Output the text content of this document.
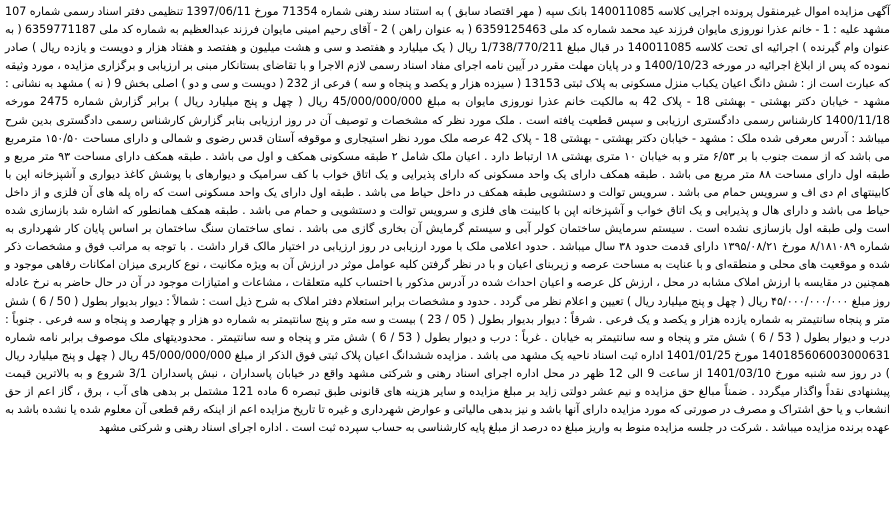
آگهی مزایده اموال غیرمنقول پرونده اجرایی کلاسه 140011085 بانک سپه ( مهر اقتصاد سابق ) به استناد سند رهنی شماره 71354 مورخ 1397/06/11 تنظیمی دفتر اسناد رسمی شماره 107 مشهد علیه : 1 - خانم عذرا نوروزی مایوان فرزند عید محمد شماره کد ملی 6359125463 ( به عنوان راهن ) 2 - آقای رحیم امینی مایوان فرزند عبدالعظیم به شماره کد ملی 6359771187 ( به عنوان وام گیرنده ) اجرائیه ای تحت کلاسه 140011085 در قبال مبلغ 1/738/770/211 ریال ( یک میلیارد و هفتصد و سی و هشت میلیون و هفتصد و هفتاد هزار و دویست و یازده ریال ) صادر نموده که پس از ابلاغ اجرائیه در مورخه 1400/10/23 و در پایان مهلت مقرر در آیین نامه اجرای مفاد اسناد رسمی لازم الاجرا و با تقاضای بستانکار مبنی بر ارزیابی و برگزاری مزایده ، مورد وثیقه که عبارت است از : شش دانگ اعیان یکباب منزل مسکونی به پلاک ثبتی 13153 ( سیزده هزار و یکصد و پنجاه و سه ) فرعی از 232 ( دویست و سی و دو ) اصلی بخش 9 ( نه ) مشهد به نشانی : مشهد - خیابان دکتر بهشتی - بهشتی 18 - پلاک 42 به مالکیت خانم عذرا نوروزی مایوان به مبلغ 45/000/000/000 ریال ( چهل و پنج میلیارد ریال ) برابر گزارش شماره 2475 مورخه 1400/11/18 کارشناس رسمی دادگستری ارزیابی و سپس قطعیت یافته است . ملک مورد نظر که مشخصات و توصیف آن در روز ارزیابی بنابر گزارش کارشناس رسمی دادگستری بدین شرح میباشد : آدرس معرفی شده ملک : مشهد - خیابان دکتر بهشتی - بهشتی 18 - پلاک 42 عرصه ملک مورد نظر استیجاری و موقوفه آستان قدس رضوی و شمالی و دارای مساحت ۱۵۰/۵۰ مترمربع می باشد که از سمت جنوب با بر ۶/۵۳ متر و به خیابان ۱۰ متری بهشتی ۱۸ ارتباط دارد . اعیان ملک شامل ۲ طبقه مسکونی همکف و اول می باشد . طبقه همکف دارای مساحت ۹۳ متر مربع و طبقه اول دارای مساحت ۸۸ متر مربع می باشد . طبقه همکف دارای یک واحد مسکونی که دارای پذیرایی و یک اتاق خواب با کف سرامیک و دیوارهای با پوشش کاغذ دیواری و آشپزخانه اپن با کابینتهای ام دی اف و سرویس حمام می باشد . سرویس توالت و دستشویی طبقه همکف در داخل حیاط می باشد . طبقه اول دارای یک واحد مسکونی است که راه پله های آن فلزی و از داخل حیاط می باشد و دارای هال و پذیرایی و یک اتاق خواب و آشپزخانه اپن با کابینت های فلزی و سرویس توالت و دستشویی و حمام می باشد . طبقه همکف همانطور که اشاره شد بازسازی شده است ولی طبقه اول بازسازی نشده است . سیستم سرمایش ساختمان کولر آبی و سیستم گرمایش آن بخاری گازی می باشد . نمای ساختمان سنگ ساختمان بر اساس پایان کار شهرداری به شماره ۸/۱۸۱۰۸۹ مورخ ۱۳۹۵/۰۸/۲۱ دارای قدمت حدود ۳۸ سال میباشد . حدود اعلامی ملک با مورد ارزیابی در روز ارزیابی در اختیار مالک قرار داشت . با توجه به مراتب فوق و مشخصات ذکر شده و موقعیت های محلی و منطقه‌ای و با عنایت به مساحت عرصه و زیربنای اعیان و با در نظر گرفتن کلیه عوامل موثر در ارزش آن به ویژه مکانیت ، نوع کاربری میزان امکانات رفاهی موجود و همچنین در مقایسه با ارزش املاک مشابه در محل ، ارزش کل عرصه و اعیان احداث شده در آدرس مذکور با احتساب کلیه متعلقات ، مشاعات و امتیازات موجود در آن در حال حاضر به نرخ عادله روز مبلغ ۴۵/۰۰۰/۰۰۰/۰۰۰ ریال ( چهل و پنج میلیارد ریال ) تعیین و اعلام نظر می گردد . حدود و مشخصات برابر استعلام دفتر املاک به شرح ذیل است : شمالاً : دیوار بدیوار بطول ( 50 / 6 ) شش متر و پنجاه سانتیمتر به شماره یازده هزار و یکصد و یک فرعی . شرقاً : دیوار بدیوار بطول ( 05 / 23 ) بیست و سه متر و پنج سانتیمتر به شماره دو هزار و چهارصد و پنجاه و سه فرعی . جنوباً : درب و دیوار بطول ( 53 / 6 ) شش متر و پنجاه و سه سانتیمتر به خیابان . غرباً : درب و دیوار بطول ( 53 / 6 ) شش متر و پنجاه و سه سانتیمتر . محدودیتهای ملک موصوف برابر نامه شماره 140185606003000631 مورخ 1401/01/25 اداره ثبت اسناد ناحیه یک مشهد می باشد . مزایده ششدانگ اعیان پلاک ثبتی فوق الذکر از مبلغ 45/000/000/000 ریال ( چهل و پنج میلیارد ریال ) در روز سه شنبه مورخ 1401/03/10 از ساعت 9 الی 12 ظهر در محل اداره اجرای اسناد رهنی و شرکتی مشهد واقع در خیابان پاسداران ، نبش پاسداران 3/1 شروع و به بالاترین قیمت پیشنهادی نقداً واگذار میگردد . ضمناً مبالغ حق مزایده و نیم عشر دولتی زاید بر مبلغ مزایده و سایر هزینه های قانونی طبق تبصره 6 ماده 121 مشتمل بر بدهی های آب ، برق ، گاز اعم از حق انشعاب و یا حق اشتراک و مصرف در صورتی که مورد مزایده دارای آنها باشد و نیز بدهی مالیاتی و عوارض شهرداری و غیره تا تاریخ مزایده اعم از اینکه رقم قطعی آن معلوم شده یا نشده باشد به عهده برنده مزایده میباشد . شرکت در جلسه مزایده منوط به واریز مبلغ ده درصد از مبلغ پایه کارشناسی به حساب سپرده ثبت است . اداره اجرای اسناد رهنی و شرکتی مشهد
